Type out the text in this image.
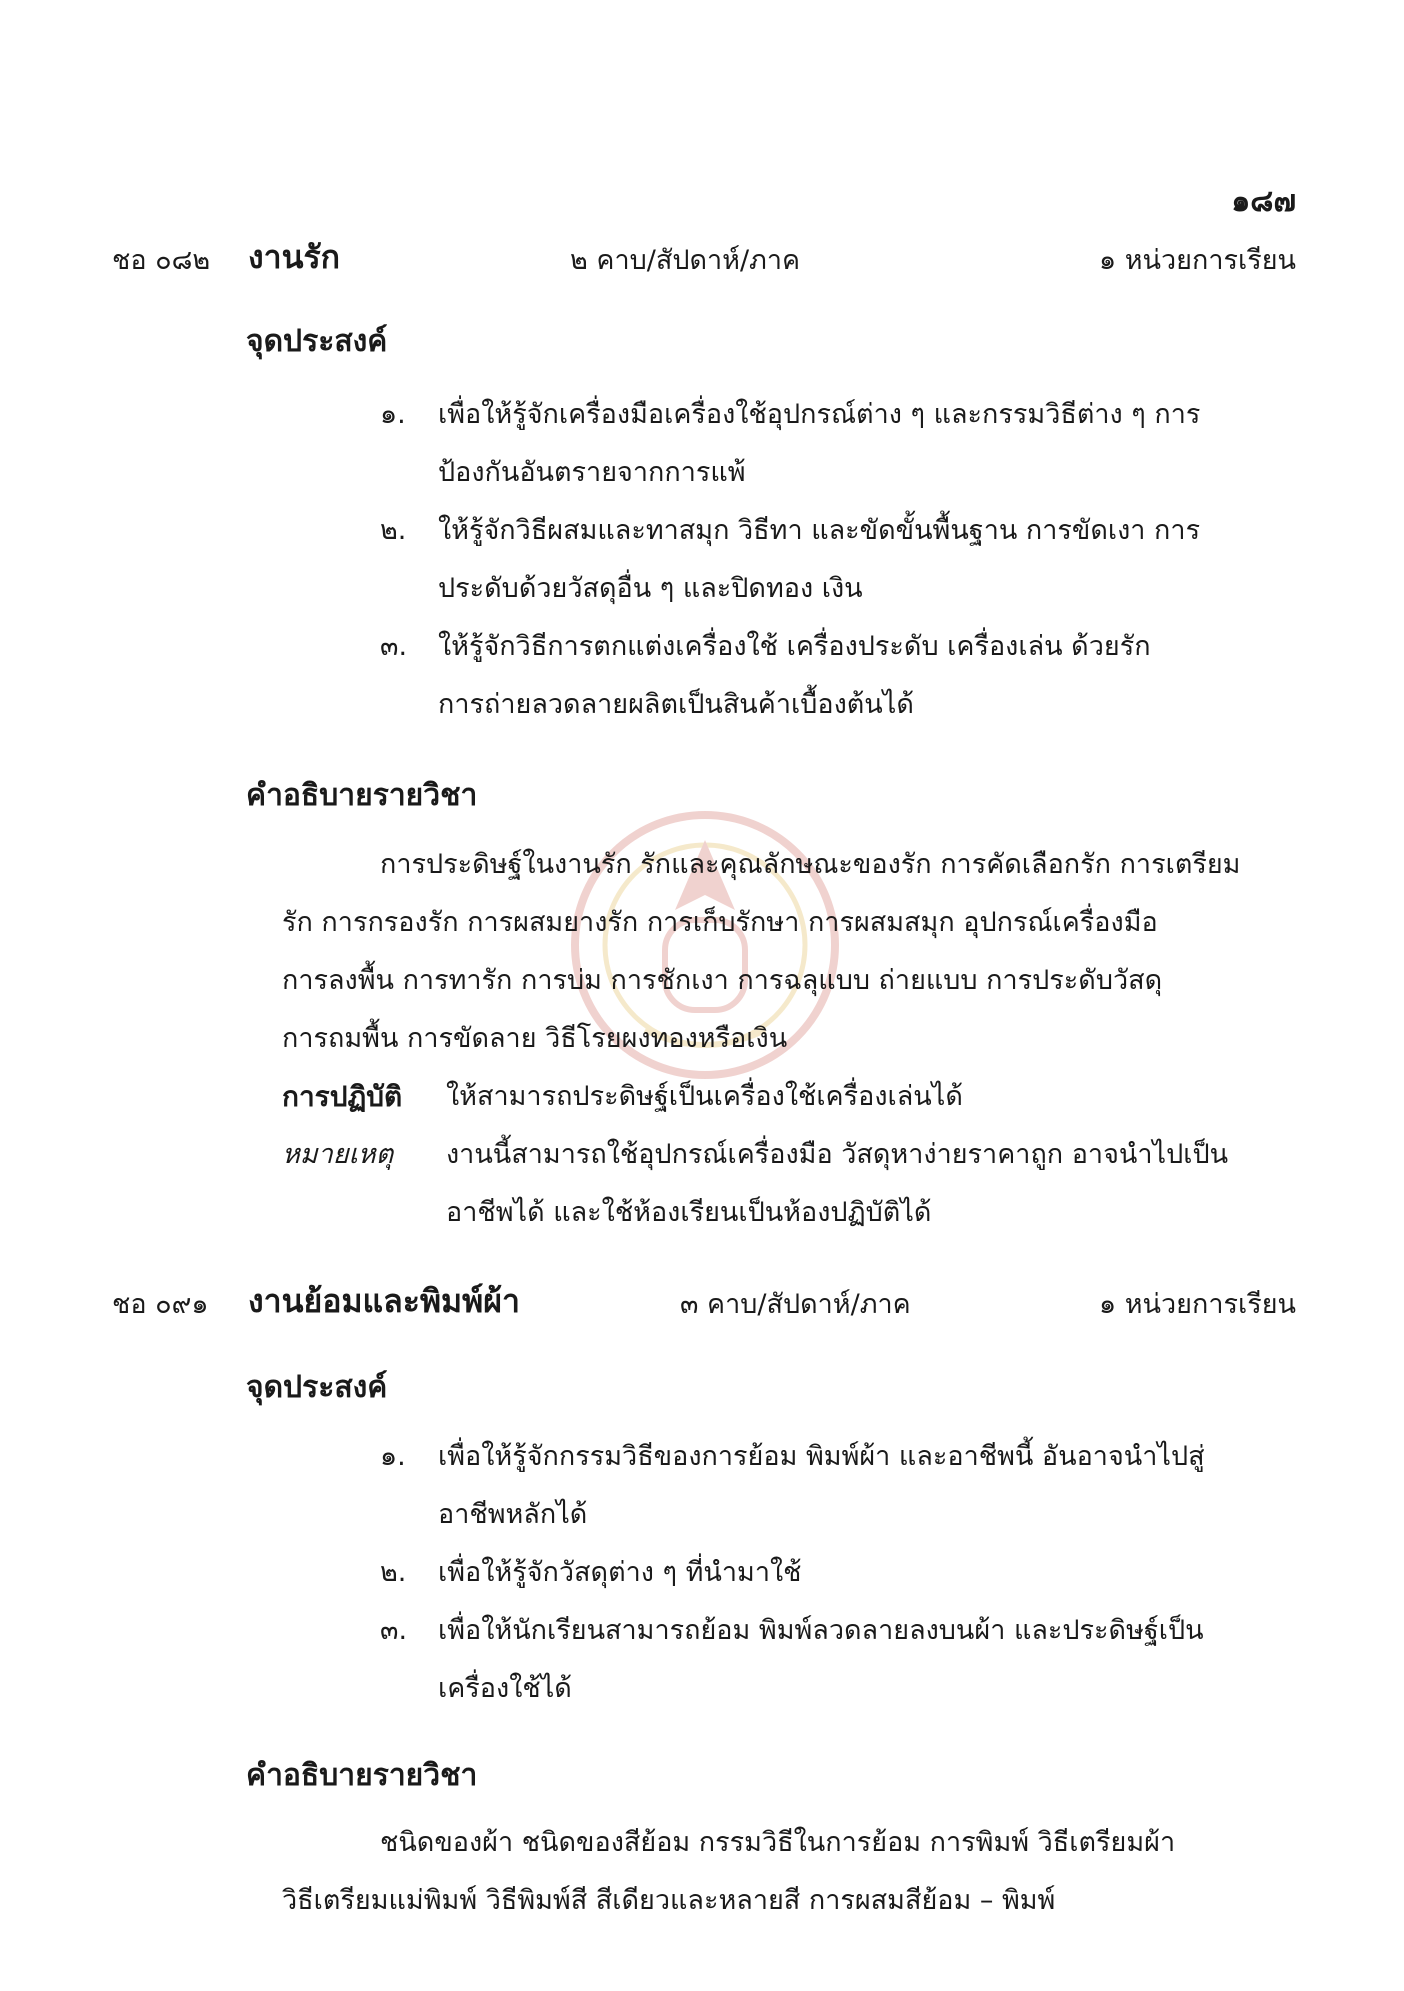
๑๘๗
ชอ ๐๘๒ งานรัก	๒ คาบ/สัปดาห์/ภาค	๑ หน่วยการเรียน
จุดประสงค์
๑.	เพื่อให้รู้จักเครื่องมือเครื่องใช้อุปกรณ์ต่าง ๆ และกรรมวิธีต่าง ๆ การ
ป้องกันอันตรายจากการแพ้
๒.	ให้รู้จักวิธีผสมและทาสมุก วิธีทา และขัดขั้นพื้นฐาน การขัดเงา การ
ประดับด้วยวัสดุอื่น ๆ และปิดทอง เงิน
๓.	ให้รู้จักวิธีการตกแต่งเครื่องใช้ เครื่องประดับ เครื่องเล่น ด้วยรัก
การถ่ายลวดลายผลิตเป็นสินค้าเบื้องต้นได้
คำอธิบายรายวิชา
การประดิษฐ์ในงานรัก รักและคุณลักษณะของรัก การคัดเลือกรัก การเตรียม
รัก การกรองรัก การผสมยางรัก การเก็บรักษา การผสมสมุก อุปกรณ์เครื่องมือ
การลงพื้น การทารัก การบ่ม การชักเงา การฉลุแบบ ถ่ายแบบ การประดับวัสดุ
การถมพื้น การขัดลาย วิธีโรยผงทองหรือเงิน
การปฏิบัติ ให้สามารถประดิษฐ์เป็นเครื่องใช้เครื่องเล่นได้
หมายเหตุ งานนี้สามารถใช้อุปกรณ์เครื่องมือ วัสดุหาง่ายราคาถูก อาจนำไปเป็น
อาชีพได้ และใช้ห้องเรียนเป็นห้องปฏิบัติได้
ชอ ๐๙๑ งานย้อมและพิมพ์ผ้า	๓ คาบ/สัปดาห์/ภาค	๑ หน่วยการเรียน
จุดประสงค์
๑.	เพื่อให้รู้จักกรรมวิธีของการย้อม พิมพ์ผ้า และอาชีพนี้ อันอาจนำไปสู่
อาชีพหลักได้
๒.	เพื่อให้รู้จักวัสดุต่าง ๆ ที่นำมาใช้
๓.	เพื่อให้นักเรียนสามารถย้อม พิมพ์ลวดลายลงบนผ้า และประดิษฐ์เป็น
เครื่องใช้ได้
คำอธิบายรายวิชา
ชนิดของผ้า ชนิดของสีย้อม กรรมวิธีในการย้อม การพิมพ์ วิธีเตรียมผ้า
วิธีเตรียมแม่พิมพ์ วิธีพิมพ์สี สีเดียวและหลายสี การผสมสีย้อม – พิมพ์
